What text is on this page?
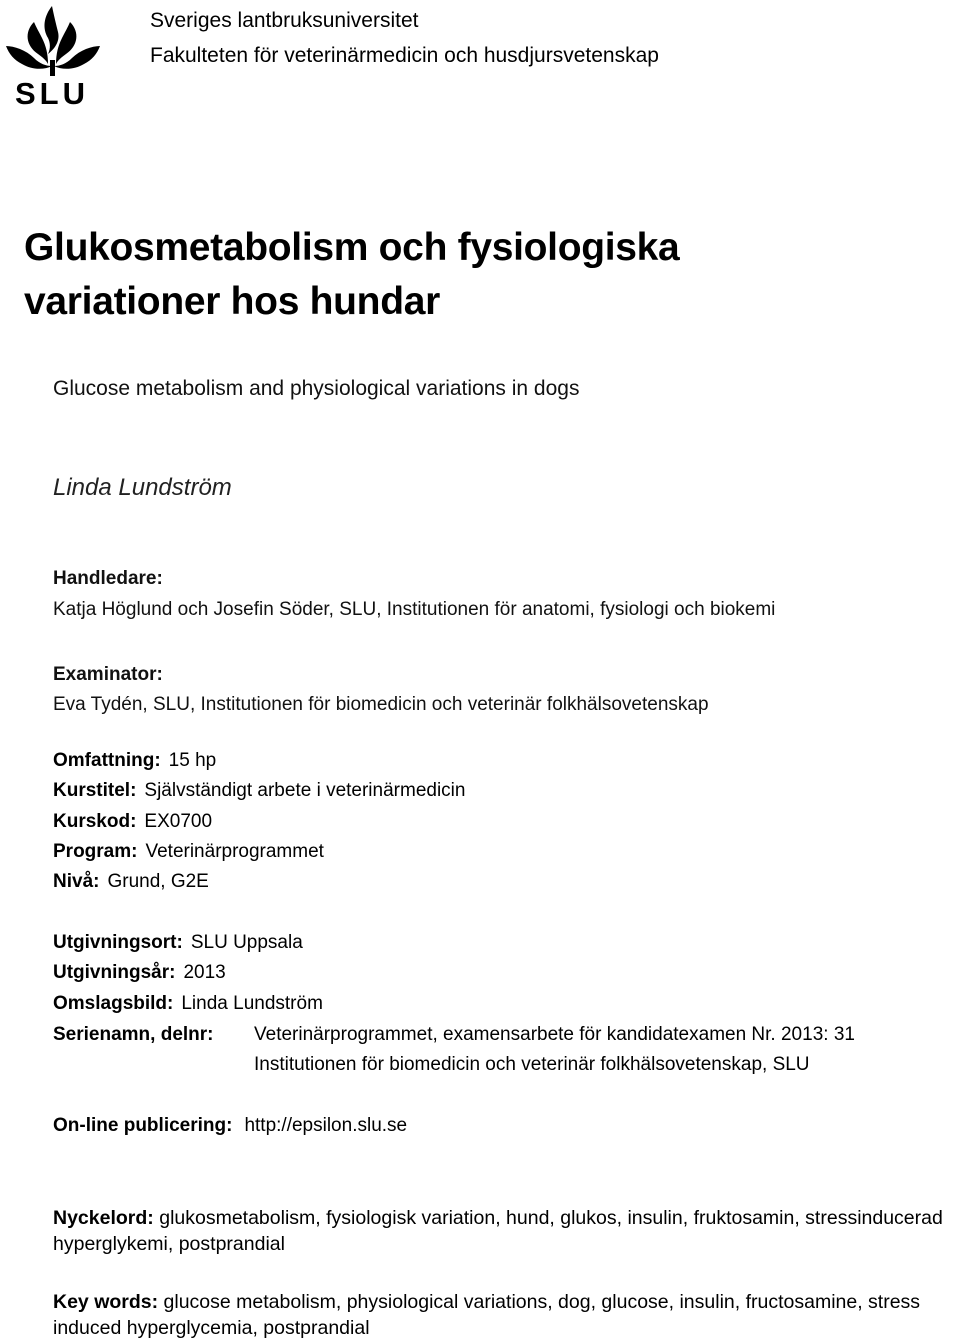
SLU
Sveriges lantbruksuniversitet
Fakulteten för veterinärmedicin och husdjursvetenskap
Glukosmetabolism och fysiologiska
variationer hos hundar
Glucose metabolism and physiological variations in dogs
Linda Lundström
Handledare:
Katja Höglund och Josefin Söder, SLU, Institutionen för anatomi, fysiologi och biokemi
Examinator:
Eva Tydén, SLU, Institutionen för biomedicin och veterinär folkhälsovetenskap
Omfattning: 15 hp
Kurstitel: Självständigt arbete i veterinärmedicin
Kurskod: EX0700
Program: Veterinärprogrammet
Nivå: Grund, G2E
Utgivningsort: SLU Uppsala
Utgivningsår: 2013
Omslagsbild: Linda Lundström
Serienamn, delnr: Veterinärprogrammet, examensarbete för kandidatexamen Nr. 2013: 31
Institutionen för biomedicin och veterinär folkhälsovetenskap, SLU
On-line publicering: http://epsilon.slu.se
Nyckelord: glukosmetabolism, fysiologisk variation, hund, glukos, insulin, fruktosamin, stressinducerad hyperglykemi, postprandial
Key words: glucose metabolism, physiological variations, dog, glucose, insulin, fructosamine, stress induced hyperglycemia, postprandial
